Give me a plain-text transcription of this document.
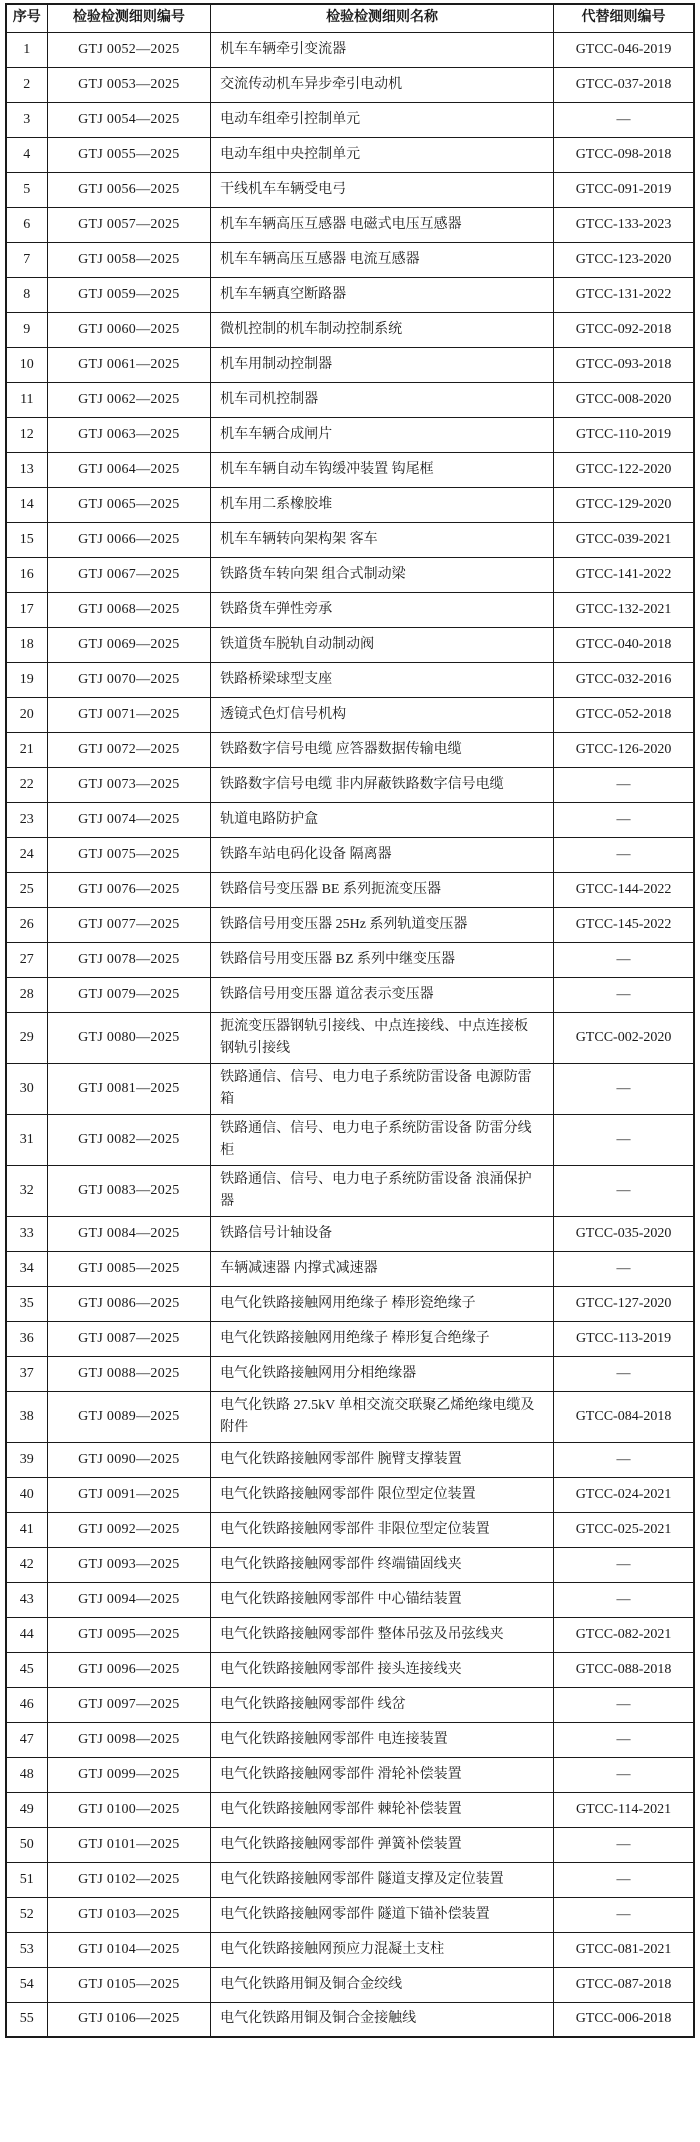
序号	检验检测细则编号	检验检测细则名称	代替细则编号
1	GTJ 0052—2025	机车车辆牵引变流器	GTCC-046-2019
2	GTJ 0053—2025	交流传动机车异步牵引电动机	GTCC-037-2018
3	GTJ 0054—2025	电动车组牵引控制单元	—
4	GTJ 0055—2025	电动车组中央控制单元	GTCC-098-2018
5	GTJ 0056—2025	干线机车车辆受电弓	GTCC-091-2019
6	GTJ 0057—2025	机车车辆高压互感器 电磁式电压互感器	GTCC-133-2023
7	GTJ 0058—2025	机车车辆高压互感器 电流互感器	GTCC-123-2020
8	GTJ 0059—2025	机车车辆真空断路器	GTCC-131-2022
9	GTJ 0060—2025	微机控制的机车制动控制系统	GTCC-092-2018
10	GTJ 0061—2025	机车用制动控制器	GTCC-093-2018
11	GTJ 0062—2025	机车司机控制器	GTCC-008-2020
12	GTJ 0063—2025	机车车辆合成闸片	GTCC-110-2019
13	GTJ 0064—2025	机车车辆自动车钩缓冲装置 钩尾框	GTCC-122-2020
14	GTJ 0065—2025	机车用二系橡胶堆	GTCC-129-2020
15	GTJ 0066—2025	机车车辆转向架构架 客车	GTCC-039-2021
16	GTJ 0067—2025	铁路货车转向架 组合式制动梁	GTCC-141-2022
17	GTJ 0068—2025	铁路货车弹性旁承	GTCC-132-2021
18	GTJ 0069—2025	铁道货车脱轨自动制动阀	GTCC-040-2018
19	GTJ 0070—2025	铁路桥梁球型支座	GTCC-032-2016
20	GTJ 0071—2025	透镜式色灯信号机构	GTCC-052-2018
21	GTJ 0072—2025	铁路数字信号电缆 应答器数据传输电缆	GTCC-126-2020
22	GTJ 0073—2025	铁路数字信号电缆 非内屏蔽铁路数字信号电缆	—
23	GTJ 0074—2025	轨道电路防护盒	—
24	GTJ 0075—2025	铁路车站电码化设备 隔离器	—
25	GTJ 0076—2025	铁路信号变压器 BE 系列扼流变压器	GTCC-144-2022
26	GTJ 0077—2025	铁路信号用变压器 25Hz 系列轨道变压器	GTCC-145-2022
27	GTJ 0078—2025	铁路信号用变压器 BZ 系列中继变压器	—
28	GTJ 0079—2025	铁路信号用变压器 道岔表示变压器	—
29	GTJ 0080—2025	扼流变压器钢轨引接线、中点连接线、中点连接板 钢轨引接线	GTCC-002-2020
30	GTJ 0081—2025	铁路通信、信号、电力电子系统防雷设备 电源防雷箱	—
31	GTJ 0082—2025	铁路通信、信号、电力电子系统防雷设备 防雷分线柜	—
32	GTJ 0083—2025	铁路通信、信号、电力电子系统防雷设备 浪涌保护器	—
33	GTJ 0084—2025	铁路信号计轴设备	GTCC-035-2020
34	GTJ 0085—2025	车辆减速器 内撑式减速器	—
35	GTJ 0086—2025	电气化铁路接触网用绝缘子 棒形瓷绝缘子	GTCC-127-2020
36	GTJ 0087—2025	电气化铁路接触网用绝缘子 棒形复合绝缘子	GTCC-113-2019
37	GTJ 0088—2025	电气化铁路接触网用分相绝缘器	—
38	GTJ 0089—2025	电气化铁路 27.5kV 单相交流交联聚乙烯绝缘电缆及附件	GTCC-084-2018
39	GTJ 0090—2025	电气化铁路接触网零部件 腕臂支撑装置	—
40	GTJ 0091—2025	电气化铁路接触网零部件 限位型定位装置	GTCC-024-2021
41	GTJ 0092—2025	电气化铁路接触网零部件 非限位型定位装置	GTCC-025-2021
42	GTJ 0093—2025	电气化铁路接触网零部件 终端锚固线夹	—
43	GTJ 0094—2025	电气化铁路接触网零部件 中心锚结装置	—
44	GTJ 0095—2025	电气化铁路接触网零部件 整体吊弦及吊弦线夹	GTCC-082-2021
45	GTJ 0096—2025	电气化铁路接触网零部件 接头连接线夹	GTCC-088-2018
46	GTJ 0097—2025	电气化铁路接触网零部件 线岔	—
47	GTJ 0098—2025	电气化铁路接触网零部件 电连接装置	—
48	GTJ 0099—2025	电气化铁路接触网零部件 滑轮补偿装置	—
49	GTJ 0100—2025	电气化铁路接触网零部件 棘轮补偿装置	GTCC-114-2021
50	GTJ 0101—2025	电气化铁路接触网零部件 弹簧补偿装置	—
51	GTJ 0102—2025	电气化铁路接触网零部件 隧道支撑及定位装置	—
52	GTJ 0103—2025	电气化铁路接触网零部件 隧道下锚补偿装置	—
53	GTJ 0104—2025	电气化铁路接触网预应力混凝土支柱	GTCC-081-2021
54	GTJ 0105—2025	电气化铁路用铜及铜合金绞线	GTCC-087-2018
55	GTJ 0106—2025	电气化铁路用铜及铜合金接触线	GTCC-006-2018
